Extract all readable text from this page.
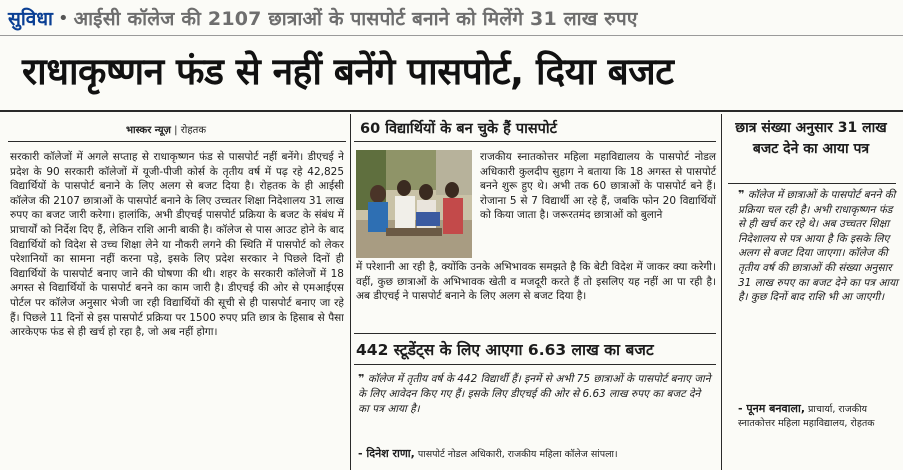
सुविधा • आईसी कॉलेज की 2107 छात्राओं के पासपोर्ट बनाने को मिलेंगे 31 लाख रुपए
राधाकृष्णन फंड से नहीं बनेंगे पासपोर्ट, दिया बजट
भास्कर न्यूज़ | रोहतक

सरकारी कॉलेजों में अगले सप्ताह से राधाकृष्णन फंड से पासपोर्ट नहीं बनेंगे। डीएचई ने प्रदेश के 90 सरकारी कॉलेजों में यूजी-पीजी कोर्स के तृतीय वर्ष में पढ़ रहे 42,825 विद्यार्थियों के पासपोर्ट बनाने के लिए अलग से बजट दिया है। रोहतक के ही आईसी कॉलेज की 2107 छात्राओं के पासपोर्ट बनाने के लिए उच्चतर शिक्षा निदेशालय 31 लाख रुपए का बजट जारी करेगा। हालांकि, अभी डीएचई पासपोर्ट प्रक्रिया के बजट के संबंध में प्राचार्यों को निर्देश दिए हैं, लेकिन राशि आनी बाकी है। कॉलेज से पास आउट होने के बाद विद्यार्थियों को विदेश से उच्च शिक्षा लेने या नौकरी लगने की स्थिति में पासपोर्ट को लेकर परेशानियों का सामना नहीं करना पड़े, इसके लिए प्रदेश सरकार ने पिछले दिनों ही विद्यार्थियों के पासपोर्ट बनाए जाने की घोषणा की थी। शहर के सरकारी कॉलेजों में 18 अगस्त से विद्यार्थियों के पासपोर्ट बनने का काम जारी है। डीएचई की ओर से एमआईएस पोर्टल पर कॉलेज अनुसार भेजी जा रही विद्यार्थियों की सूची से ही पासपोर्ट बनाए जा रहे हैं। पिछले 11 दिनों से इस पासपोर्ट प्रक्रिया पर 1500 रुपए प्रति छात्र के हिसाब से पैसा आरकेएफ फंड से ही खर्च हो रहा है, जो अब नहीं होगा।

60 विद्यार्थियों के बन चुके हैं पासपोर्ट

राजकीय स्नातकोत्तर महिला महाविद्यालय के पासपोर्ट नोडल अधिकारी कुलदीप सुहाग ने बताया कि 18 अगस्त से पासपोर्ट बनने शुरू हुए थे। अभी तक 60 छात्राओं के पासपोर्ट बने हैं। रोजाना 5 से 7 विद्यार्थी आ रहे हैं, जबकि फोन 20 विद्यार्थियों को किया जाता है। जरूरतमंद छात्राओं को बुलाने

में परेशानी आ रही है, क्योंकि उनके अभिभावक समझते है कि बेटी विदेश में जाकर क्या करेगी। वहीं, कुछ छात्राओं के अभिभावक खेती व मजदूरी करते हैं तो इसलिए यह नहीं आ पा रही है। अब डीएचई ने पासपोर्ट बनाने के लिए अलग से बजट दिया है।

442 स्टूडेंट्स के लिए आएगा 6.63 लाख का बजट

❞ कॉलेज में तृतीय वर्ष के 442 विद्यार्थी हैं। इनमें से अभी 75 छात्राओं के पासपोर्ट बनाए जाने के लिए आवेदन किए गए हैं। इसके लिए डीएचई की ओर से 6.63 लाख रुपए का बजट देने का पत्र आया है।

- दिनेश राणा, पासपोर्ट नोडल अधिकारी, राजकीय महिला कॉलेज सांपला।
छात्र संख्या अनुसार 31 लाख बजट देने का आया पत्र

❞ कॉलेज में छात्राओं के पासपोर्ट बनने की प्रक्रिया चल रही है। अभी राधाकृष्णन फंड से ही खर्च कर रहे थे। अब उच्चतर शिक्षा निदेशालय से पत्र आया है कि इसके लिए अलग से बजट दिया जाएगा। कॉलेज की तृतीय वर्ष की छात्राओं की संख्या अनुसार 31 लाख रुपए का बजट देने का पत्र आया है। कुछ दिनों बाद राशि भी आ जाएगी।

- पूनम बनवाला, प्राचार्या, राजकीय स्नातकोत्तर महिला महाविद्यालय, रोहतक
